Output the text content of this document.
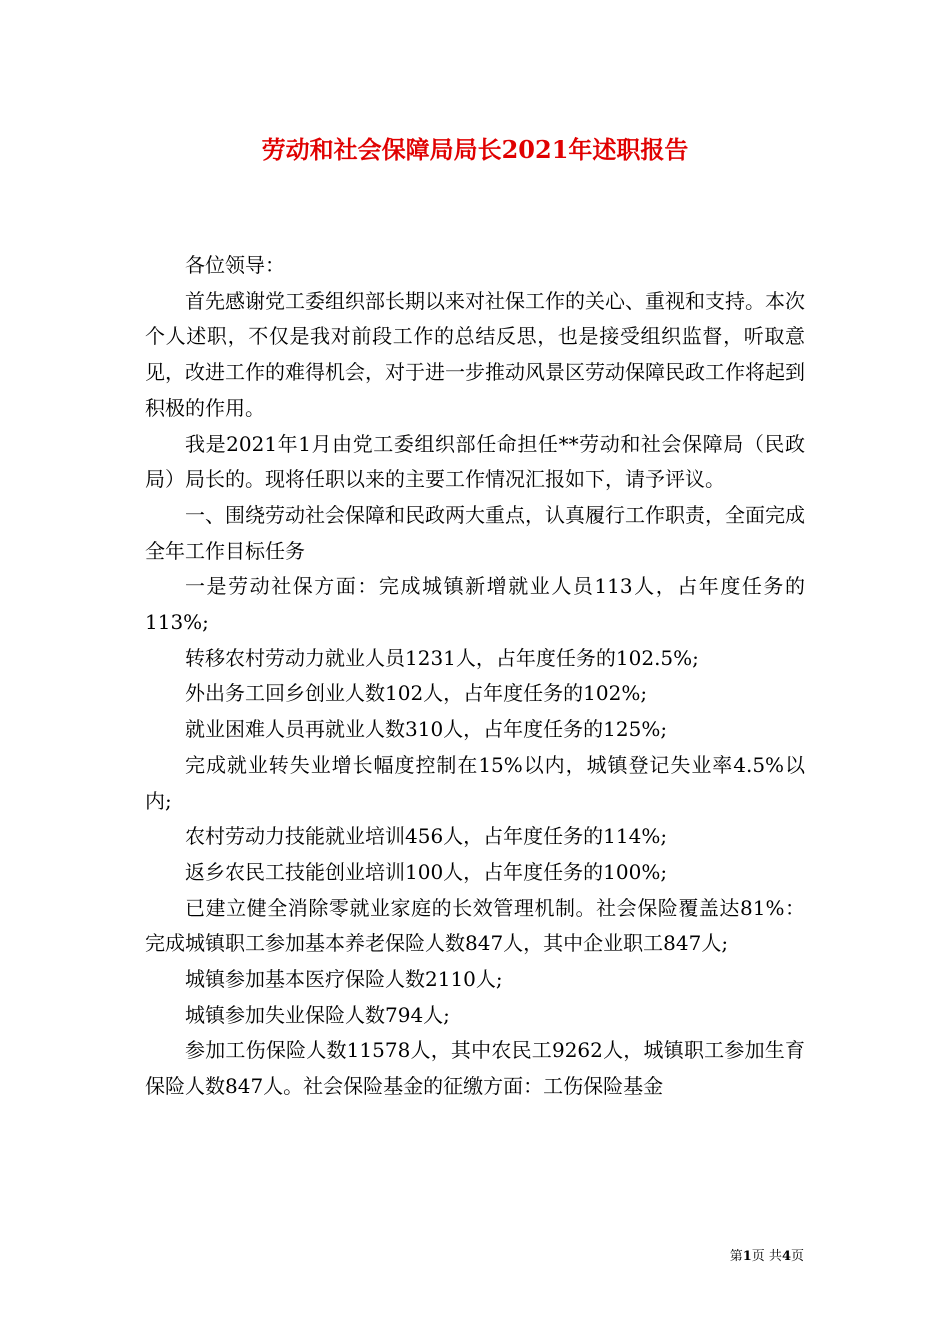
劳动和社会保障局局长2021年述职报告

各位领导：

首先感谢党工委组织部长期以来对社保工作的关心、重视和支持。本次个人述职，不仅是我对前段工作的总结反思，也是接受组织监督，听取意见，改进工作的难得机会，对于进一步推动风景区劳动保障民政工作将起到积极的作用。

我是2021年1月由党工委组织部任命担任**劳动和社会保障局（民政局）局长的。现将任职以来的主要工作情况汇报如下，请予评议。

一、围绕劳动社会保障和民政两大重点，认真履行工作职责，全面完成全年工作目标任务

一是劳动社保方面：完成城镇新增就业人员113人，占年度任务的113%;

转移农村劳动力就业人员1231人，占年度任务的102.5%;

外出务工回乡创业人数102人，占年度任务的102%;

就业困难人员再就业人数310人，占年度任务的125%;

完成就业转失业增长幅度控制在15%以内，城镇登记失业率4.5%以内;

农村劳动力技能就业培训456人，占年度任务的114%;

返乡农民工技能创业培训100人，占年度任务的100%;

已建立健全消除零就业家庭的长效管理机制。社会保险覆盖达81%：完成城镇职工参加基本养老保险人数847人，其中企业职工847人;

城镇参加基本医疗保险人数2110人;

城镇参加失业保险人数794人;

参加工伤保险人数11578人，其中农民工9262人，城镇职工参加生育保险人数847人。社会保险基金的征缴方面：工伤保险基金

第1页 共4页
